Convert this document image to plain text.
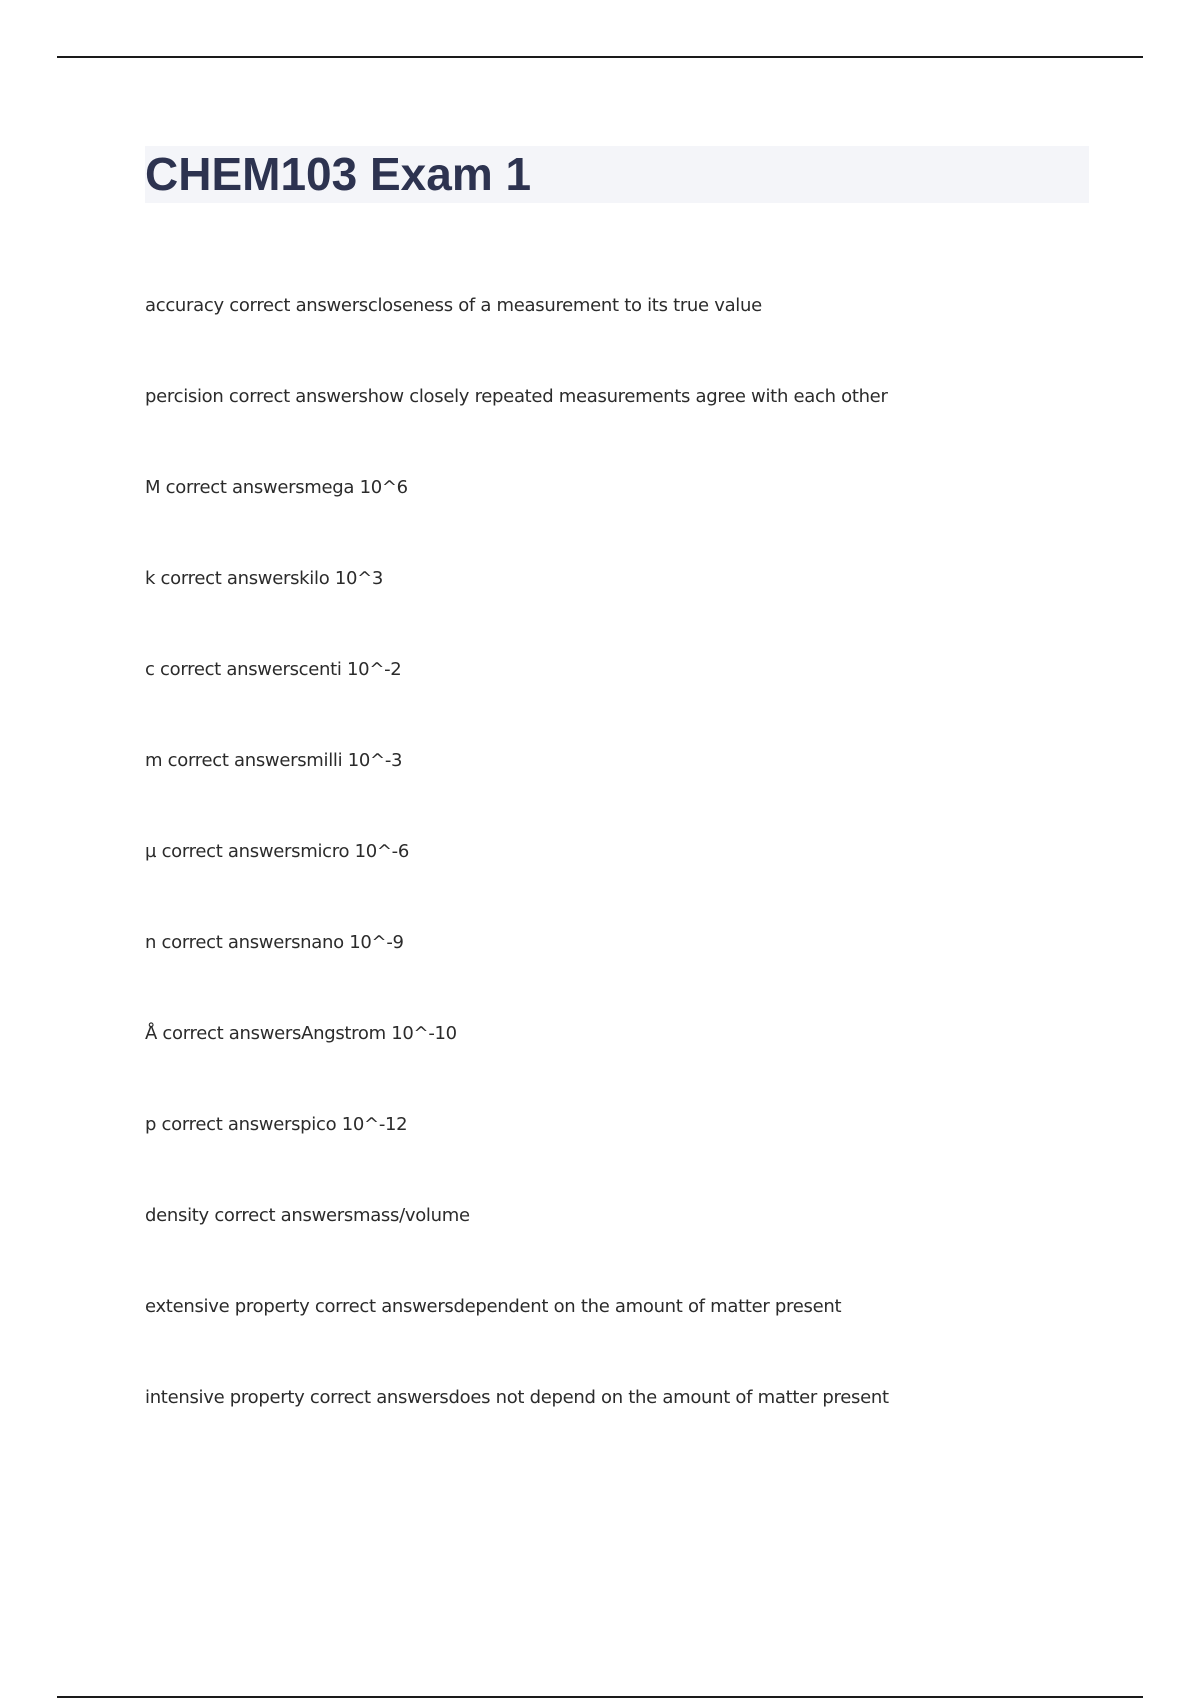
CHEM103 Exam 1
accuracy correct answerscloseness of a measurement to its true value
percision correct answershow closely repeated measurements agree with each other
M correct answersmega 10^6
k correct answerskilo 10^3
c correct answerscenti 10^-2
m correct answersmilli 10^-3
µ correct answersmicro 10^-6
n correct answersnano 10^-9
Å correct answersAngstrom 10^-10
p correct answerspico 10^-12
density correct answersmass/volume
extensive property correct answersdependent on the amount of matter present
intensive property correct answersdoes not depend on the amount of matter present
